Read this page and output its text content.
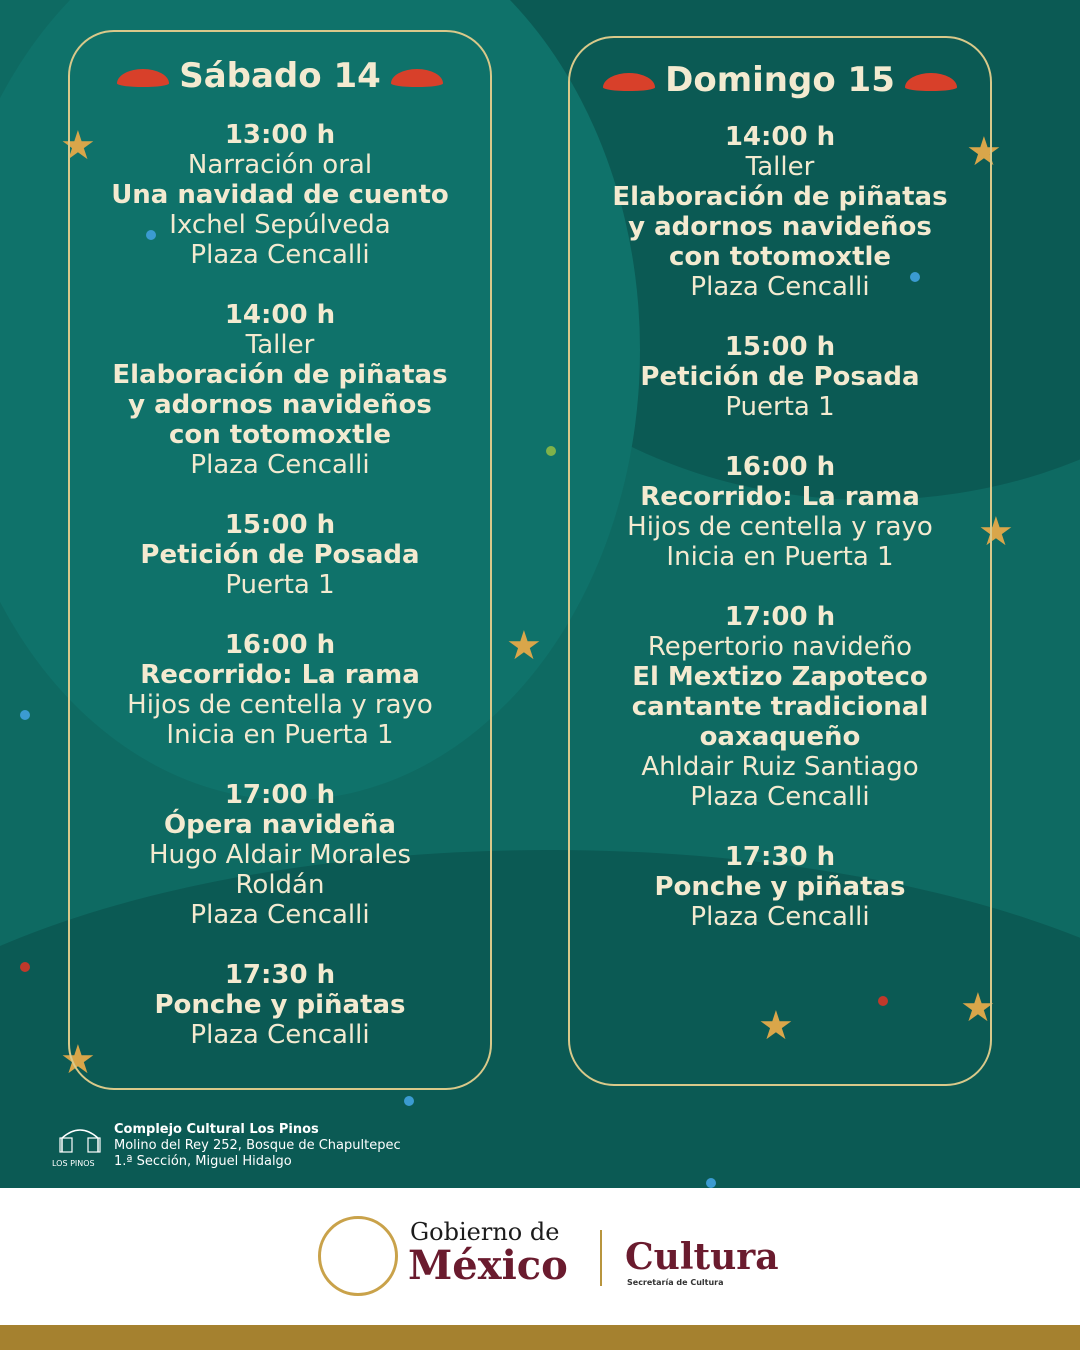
★	★
★
★
★
★	★
Sábado 14
13:00 h
Narración oral
Una navidad de cuento
Ixchel Sepúlveda
Plaza Cencalli
14:00 h
Taller
Elaboración de piñatas y adornos navideños con totomoxtle
Plaza Cencalli
15:00 h
Petición de Posada
Puerta 1
16:00 h
Recorrido: La rama
Hijos de centella y rayo
Inicia en Puerta 1
17:00 h
Ópera navideña
Hugo Aldair Morales Roldán
Plaza Cencalli
17:30 h
Ponche y piñatas
Plaza Cencalli
Domingo 15
14:00 h
Taller
Elaboración de piñatas y adornos navideños con totomoxtle
Plaza Cencalli
15:00 h
Petición de Posada
Puerta 1
16:00 h
Recorrido: La rama
Hijos de centella y rayo
Inicia en Puerta 1
17:00 h
Repertorio navideño
El Mextizo Zapoteco cantante tradicional oaxaqueño
Ahldair Ruiz Santiago
Plaza Cencalli
17:30 h
Ponche y piñatas
Plaza Cencalli
LOS PINOS
Complejo Cultural Los Pinos
Molino del Rey 252, Bosque de Chapultepec
1.ª Sección, Miguel Hidalgo
Gobierno de
México Cultura
Secretaría de Cultura
